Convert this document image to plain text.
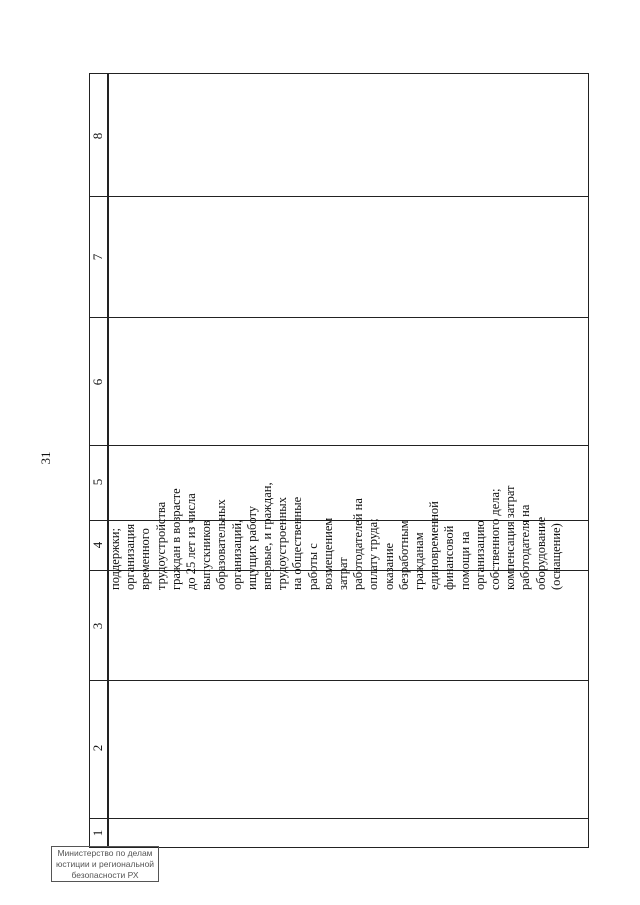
31
1
2
3
4
5
6
7
8
поддержки; организация временного трудоустройства граждан в возрасте до 25 лет из числа выпускников образовательных организаций, ищущих работу впервые, и граждан, трудоустроенных на общественные работы с возмещением затрат работодателей на оплату труда; оказание безработным гражданам единовременной финансовой помощи на организацию собственного дела; компенсация затрат работодателя на оборудование (оснащение)
Министерство по делам
юстиции и региональной
безопасности РХ
